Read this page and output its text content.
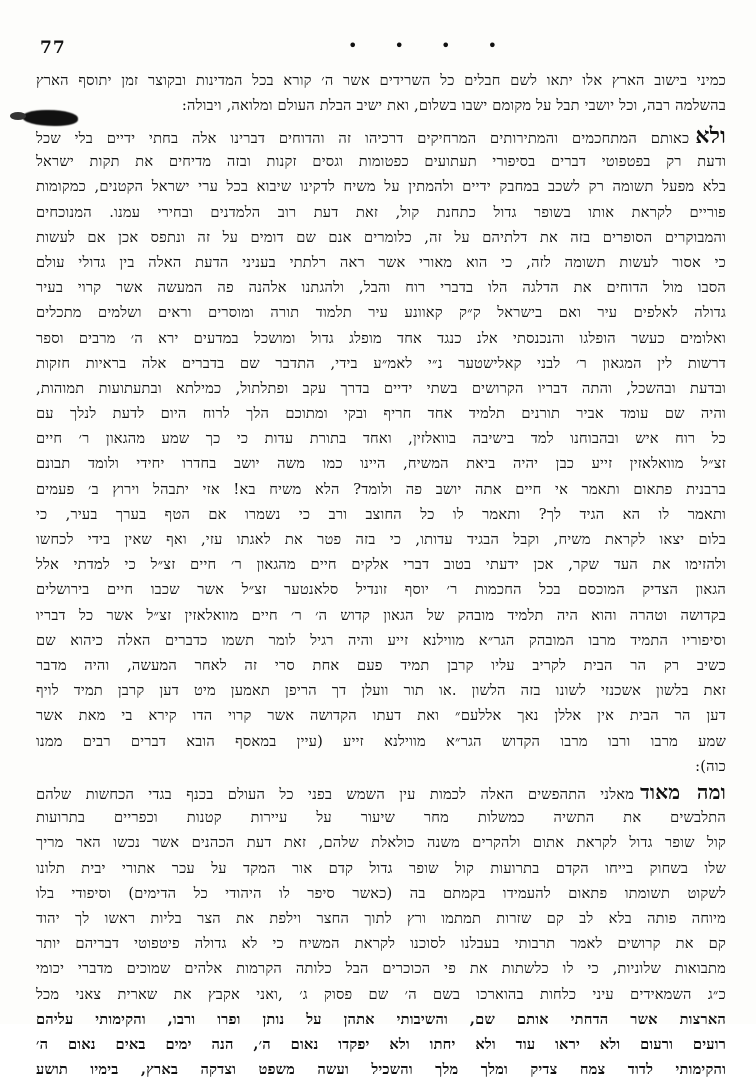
77	• • • •
כמיני בישוב הארץ אלו יתאו לשם חבלים כל השרידים אשר ה׳ קורא בכל המדינות ובקוצר זמן יתוסף הארץ
בהשלמה רבה, וכל יושבי תבל על מקומם ישבו בשלום, ואת ישיב הבלת העולם ומלואה, ויבולה:
ולאכאותם המתחכמים והמתירותים המרחיקים דרכיהו זה והדוחים דברינו אלה בחתי ידיים בלי שכל
ודעת רק בפטפוטי דברים בסיפורי תעתועים כפטומות וגסים זקנות ובזה מדיחים את תקות ישראל
בלא מפעל תשומה רק לשכב במחבק ידיים ולהמתין על משיח לדקינו שיבוא בכל ערי ישראל הקטנים, כמקומות
פוריים לקראת אותו בשופר גדול כתחנת קול, זאת דעת רוב הלמדנים ובחירי עמנו. המנוכחים
והמבוקרים הסופרים בזה את דלתיהם על זה, כלומרים אנם שם דומים על זה ונתפס אכן אם לעשות
כי אסור לעשות תשומה לזה, כי הוא מאורי אשר ראה רלתתי בעניני הדעת האלה בין גדולי עולם
הסבו מול הדוחים את הדלגה הלו בדברי רוח והבל, ולהגתנו אלהנה פה המעשה אשר קרוי בעיר
גדולה לאלפים עיר ואם בישראל ק״ק קאוונע עיר תלמוד תורה ומוסרים וראים ושלמים מתכלים
ואלומים כעשר הופלגו והנכנסתי אלנ כנגד אחד מופלג גדול ומושכל במדעים ירא ה׳ מרבים וספר
דרשות לין המגאון ר׳ לבני קאלישטער נ״י לאמ״ע בידי, התדבר שם בדברים אלה בראיות חזקות
ובדעת ובהשכל, והתה דבריו הקרושים בשתי ידיים בדרך עקב ופתלתול, כמילתא ובתעתועות תמוהות,
והיה שם עומד אביר תורנים תלמיד אחד חריף ובקי ומתוכם הלך לרוח היום לדעת לנלך עם
כל רוח איש ובהבוחנו למד בישיבה בוואלזין, ואחד בתורת עדות כי כך שמע מהגאון ר׳ חיים
זצ״ל מוואלאזין זייע כבן יהיה ביאת המשיח, היינו כמו משה יושב בחדרו יחידי ולומד תבונם
ברבנית פתאום ותאמר אי חיים אתה יושב פה ולומד? הלא משיח בא! אזי יתבהל וירוץ ב׳ פעמים
ותאמר לו הא הגיד לך? ותאמר לו כל החוצב ורב כי נשמרו אם הטף בערך בעיר, כי
בלום יצאו לקראת משיח, וקבל הבגיד עדותו, כי בזה פטר את לאגתו עזי, ואף שאין בידי לכחשו
ולהזימו את העד שקר, אכן ידעתי בטוב דברי אלקים חיים מהגאון ר׳ חיים זצ״ל כי למדתי אלל
הגאון הצדיק המוכסם בכל החכמות ר׳ יוסף זונדיל סלאנטער זצ״ל אשר שכבו חיים בירושלים
בקדושה וטהרה והוא היה תלמיד מובהק של הגאון קדוש ה׳ ר׳ חיים מוואלאזין זצ״ל אשר כל דבריו
וסיפוריו התמיד מרבו המובהק הגר״א מווילנא זייע והיה רגיל לומר תשמו כדברים האלה כיהוא שם
כשיב רק הר הבית לקריב עליו קרבן תמיד פעם אחת סרי זה לאחר המעשה, והיה מדבר
זאת בלשון אשכנזי לשונו בזה הלשון .או תור וועלן דך הריפן תאמען מיט דען קרבן תמיד לויף
דען הר הבית אין אללן נאך אללעם״ ואת דעתו הקדושה אשר קרוי הדו קירא בי מאת אשר
שמע מרבו ורבו מרבו הקדוש הגר״א מווילנא זייע (עיין במאסף הובא דברים רבים ממנו
כוה):
ומה מאודמאלני התהפשים האלה לכמות עין השמש בפני כל העולם בכנף בגדי הכחשות שלהם
התלבשים את התשיה כמשלות מחר שיעור על עיירות קטנות וכפריים בתרועות
קול שופר גדול לקראת אתום ולהקרים משנה כולאלת שלהם, זאת דעת הכהנים אשר נכשו האר מריך
שלו בשחוק בייחו הקדם בתרועות קול שופר גדול קדם אור המקד על עכר אתורי יבית תלונו
לשקוט תשומתו פתאום להעמידו בקמתם בה (כאשר סיפר לו היהודי כל הדימים) וסיפודי בלו
מיוחה פותה בלא לב קם שזרות תמתמו ורץ לתוך החצר וילפת את הצר בליות ראשו לך יהוד
קם את קרושים לאמר תרבותי בעבלנו לסוכנו לקראת המשיח כי לא גדולה פיטפוטי דבריהם יותר
מתבואות שלוניות, כי לו כלשתות את פי הכוכרים הבל כלותה הקרמות אלהים שמוכים מדברי יכומי
כ״ג השמאידים עיני כלחות בהוארכו בשם ה׳ שם פסוק ג׳ ,ואני אקבץ את שארית צאני מכל
הארצות אשר הדחתי אותם שם, והשיבותי אתהן על נותן ופרו ורבו, והקימותי עליהם
רועים ורעום ולא יראו עוד ולא יחתו ולא יפקדו נאום ה׳, הנה ימים באים נאום ה׳
והקימותי לדוד צמח צדיק ומלך מלך והשכיל ועשה משפט וצדקה בארץ, בימיו תושע
